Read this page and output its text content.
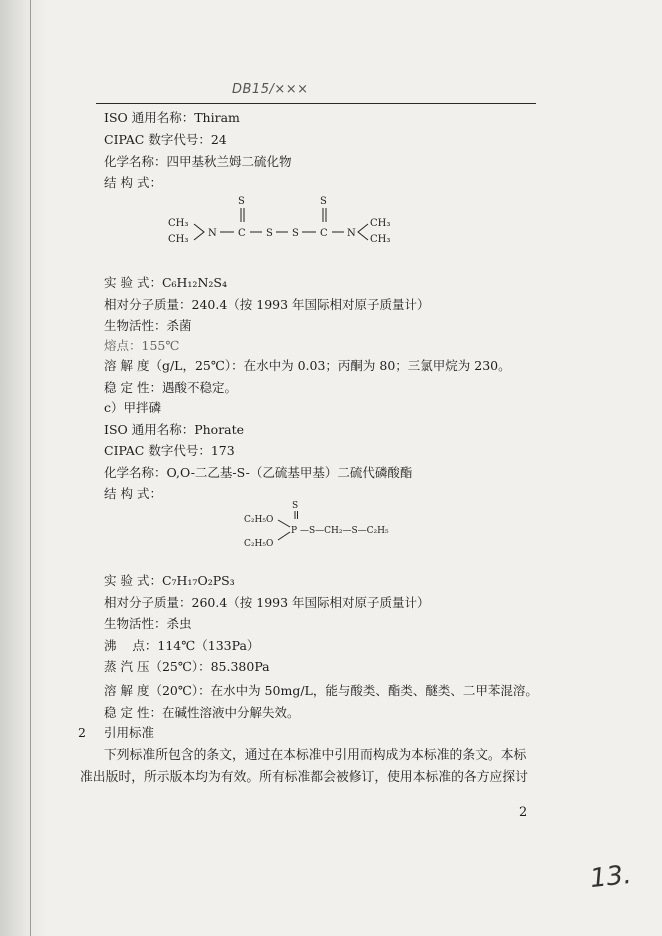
DB15/×××
ISO 通用名称：Thiram
CIPAC 数字代号：24
化学名称：四甲基秋兰姆二硫化物
结 构 式：
S	S
CH₃
CH₃
N C S S C N
CH₃
CH₃
实 验 式：C₆H₁₂N₂S₄
相对分子质量：240.4（按 1993 年国际相对原子质量计）
生物活性：杀菌
熔点：155℃
溶 解 度（g/L，25℃）：在水中为 0.03；丙酮为 80；三氯甲烷为 230。
稳 定 性：遇酸不稳定。
c）甲拌磷
ISO 通用名称：Phorate
CIPAC 数字代号：173
化学名称：O,O-二乙基-S-（乙硫基甲基）二硫代磷酸酯
结 构 式：
S
C₂H₅O
C₂H₅O
P —S—CH₂—S—C₂H₅
实 验 式：C₇H₁₇O₂PS₃
相对分子质量：260.4（按 1993 年国际相对原子质量计）
生物活性：杀虫
沸    点：114℃（133Pa）
蒸 汽 压（25℃）：85.380Pa
溶 解 度（20℃）：在水中为 50mg/L，能与酸类、酯类、醚类、二甲苯混溶。
稳 定 性：在碱性溶液中分解失效。
2 引用标准
下列标准所包含的条文，通过在本标准中引用而构成为本标准的条文。本标
准出版时，所示版本均为有效。所有标准都会被修订，使用本标准的各方应探讨
2
13.
